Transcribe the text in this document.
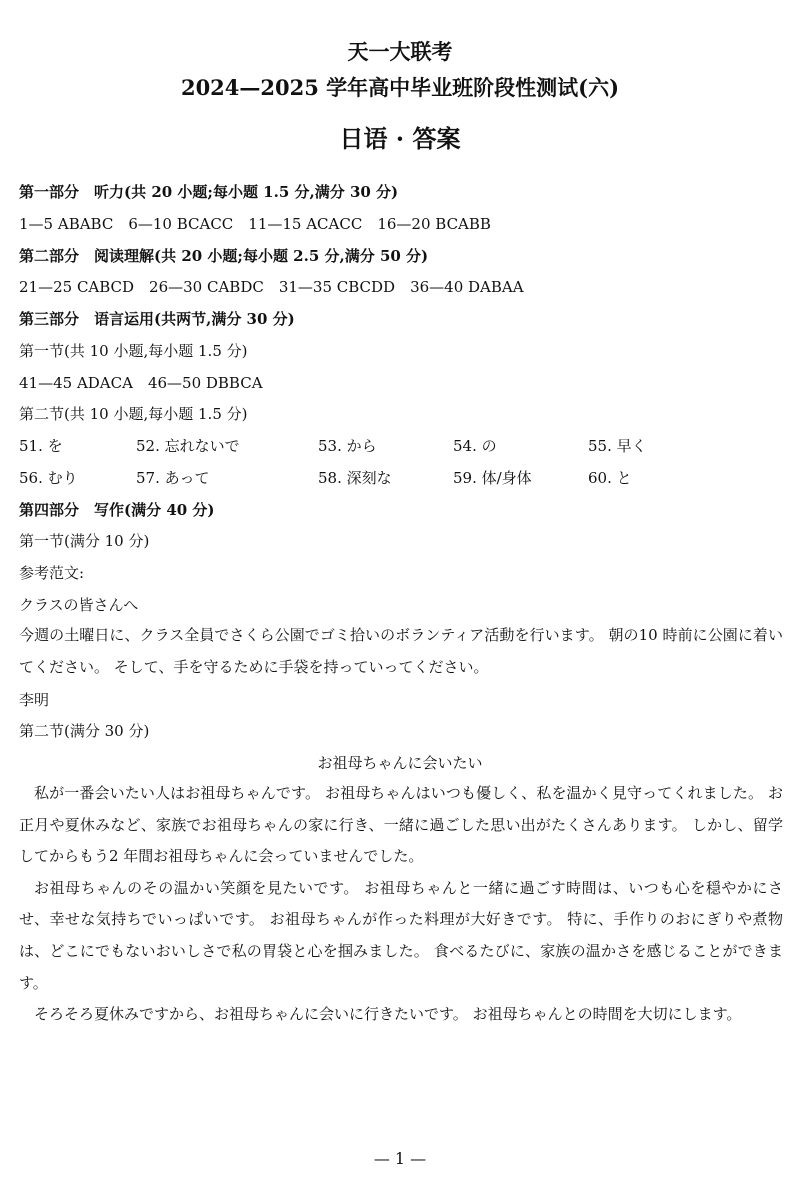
天一大联考
2024—2025 学年高中毕业班阶段性测试(六)
日语 · 答案
第一部分　听力(共 20 小题;每小题 1.5 分,满分 30 分)
1—5 ABABC　6—10 BCACC　11—15 ACACC　16—20 BCABB
第二部分　阅读理解(共 20 小题;每小题 2.5 分,满分 50 分)
21—25 CABCD　26—30 CABDC　31—35 CBCDD　36—40 DABAA
第三部分　语言运用(共两节,满分 30 分)
第一节(共 10 小题,每小题 1.5 分)
41—45 ADACA　46—50 DBBCA
第二节(共 10 小题,每小题 1.5 分)
51. を	52. 忘れないで	53. から	54. の	55. 早く
56. むり	57. あって	58. 深刻な	59. 体/身体	60. と
第四部分　写作(满分 40 分)
第一节(满分 10 分)
参考范文:
クラスの皆さんへ
今週の土曜日に、クラス全員でさくら公園でゴミ拾いのボランティア活動を行います。 朝の10 時前に公園に着いてください。 そして、手を守るために手袋を持っていってください。
李明
第二节(满分 30 分)
お祖母ちゃんに会いたい

私が一番会いたい人はお祖母ちゃんです。 お祖母ちゃんはいつも優しく、私を温かく見守ってくれました。 お正月や夏休みなど、家族でお祖母ちゃんの家に行き、一緒に過ごした思い出がたくさんあります。 しかし、留学してからもう2 年間お祖母ちゃんに会っていませんでした。

お祖母ちゃんのその温かい笑顔を見たいです。 お祖母ちゃんと一緒に過ごす時間は、いつも心を穏やかにさせ、幸せな気持ちでいっぱいです。 お祖母ちゃんが作った料理が大好きです。 特に、手作りのおにぎりや煮物は、どこにでもないおいしさで私の胃袋と心を掴みました。 食べるたびに、家族の温かさを感じることができます。

そろそろ夏休みですから、お祖母ちゃんに会いに行きたいです。 お祖母ちゃんとの時間を大切にします。

— 1 —
